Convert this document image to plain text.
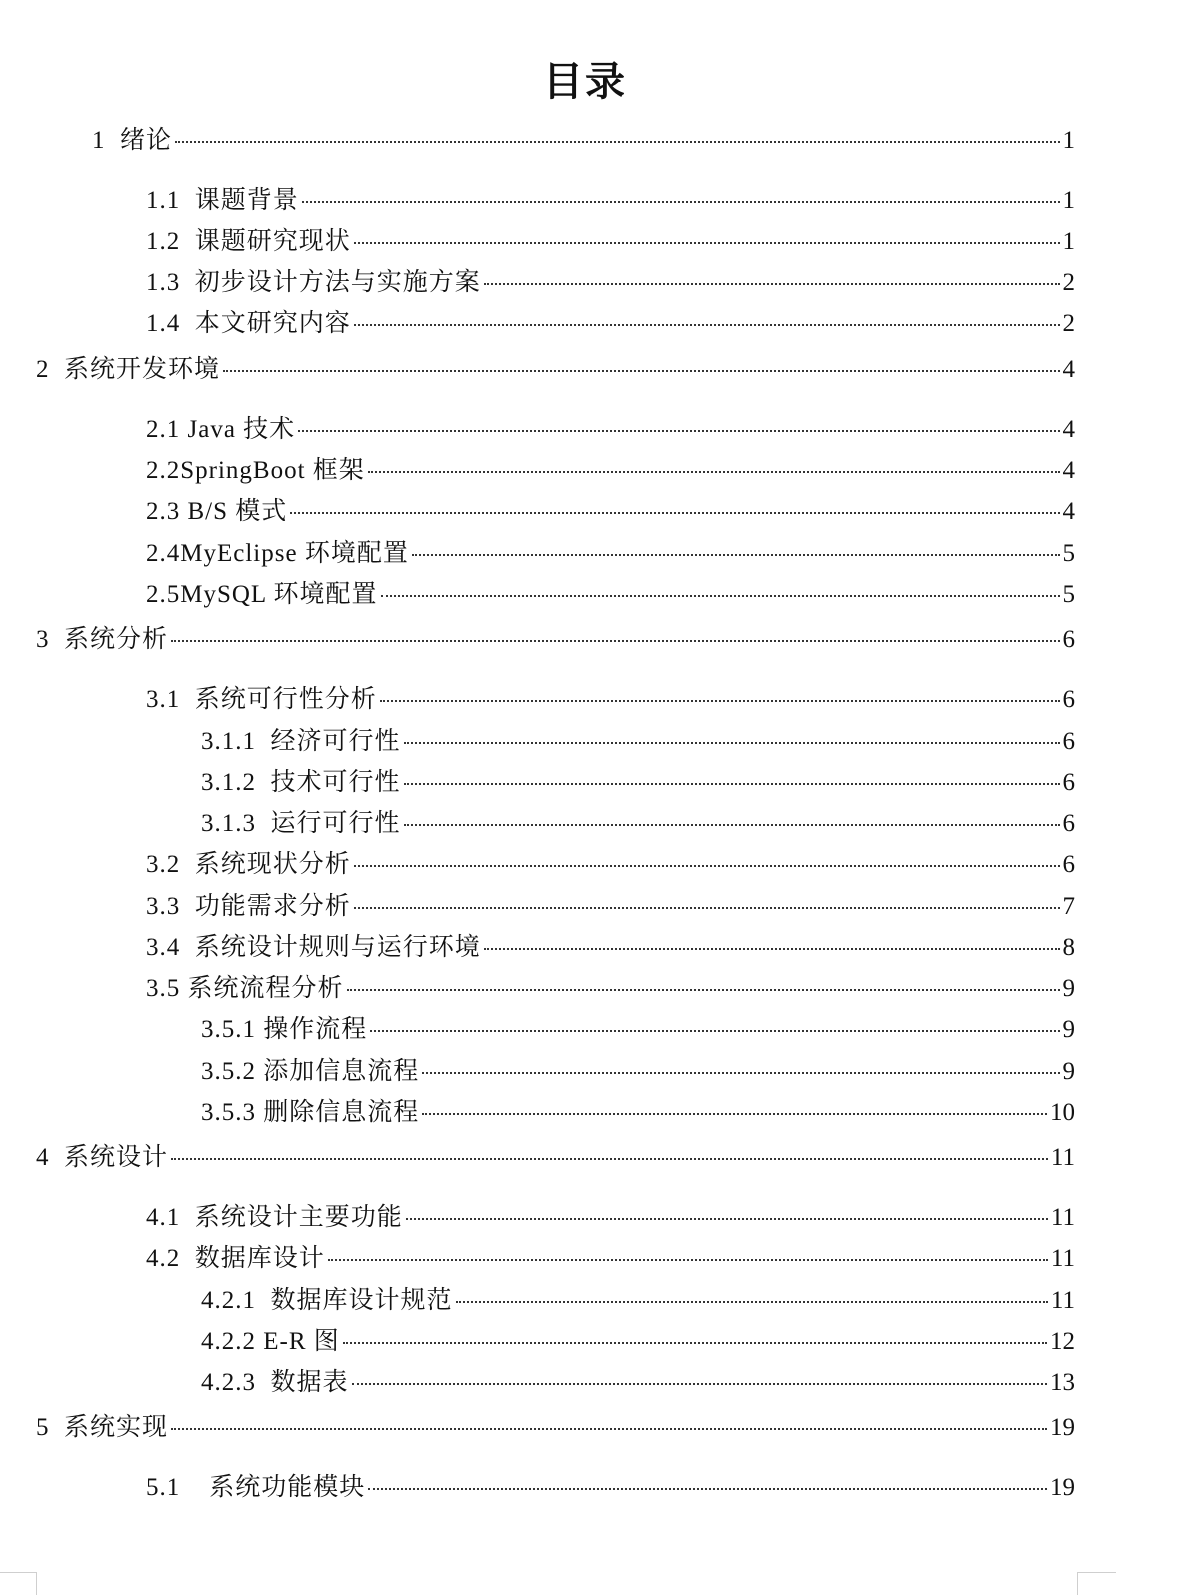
目录
1  绪论	1
1.1  课题背景	1
1.2  课题研究现状	1
1.3  初步设计方法与实施方案	2
1.4  本文研究内容	2
2  系统开发环境	4
2.1 Java 技术	4
2.2SpringBoot 框架	4
2.3 B/S 模式	4
2.4MyEclipse 环境配置	5
2.5MySQL 环境配置	5
3  系统分析	6
3.1  系统可行性分析	6
3.1.1  经济可行性	6
3.1.2  技术可行性	6
3.1.3  运行可行性	6
3.2  系统现状分析	6
3.3  功能需求分析	7
3.4  系统设计规则与运行环境	8
3.5 系统流程分析	9
3.5.1 操作流程	9
3.5.2 添加信息流程	9
3.5.3 删除信息流程	10
4  系统设计	11
4.1  系统设计主要功能	11
4.2  数据库设计	11
4.2.1  数据库设计规范	11
4.2.2 E-R 图	12
4.2.3  数据表	13
5  系统实现	19
5.1    系统功能模块	19
